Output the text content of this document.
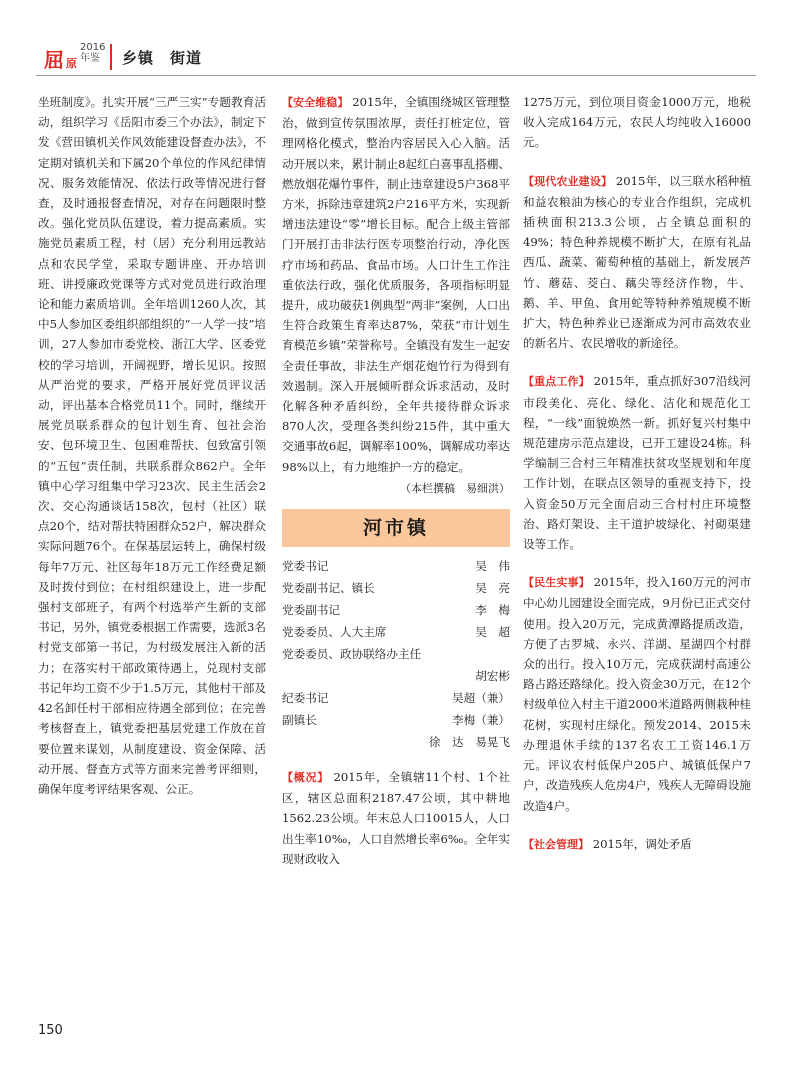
屈 原
2016
年鉴	乡镇　街道

坐班制度》。扎实开展“三严三实”专题教育活动，组织学习《岳阳市委三个办法》，制定下发《营田镇机关作风效能建设督查办法》，不定期对镇机关和下属20个单位的作风纪律情况、服务效能情况、依法行政等情况进行督查，及时通报督查情况，对存在问题限时整改。强化党员队伍建设，着力提高素质。实施党员素质工程，村（居）充分利用远教站点和农民学堂，采取专题讲座、开办培训班、讲授廉政党课等方式对党员进行政治理论和能力素质培训。全年培训1260人次，其中5人参加区委组织部组织的“一人学一技”培训，27人参加市委党校、浙江大学、区委党校的学习培训，开阔视野，增长见识。按照从严治党的要求，严格开展好党员评议活动，评出基本合格党员11个。同时，继续开展党员联系群众的包计划生育、包社会治安、包环境卫生、包困难帮扶、包致富引领的“五包”责任制，共联系群众862户。全年镇中心学习组集中学习23次、民主生活会2次、交心沟通谈话158次，包村（社区）联点20个，结对帮扶特困群众52户，解决群众实际问题76个。在保基层运转上，确保村级每年7万元、社区每年18万元工作经费足额及时拨付到位；在村组织建设上，进一步配强村支部班子，有两个村选举产生新的支部书记，另外，镇党委根据工作需要，选派3名村党支部第一书记，为村级发展注入新的活力；在落实村干部政策待遇上，兑现村支部书记年均工资不少于1.5万元，其他村干部及42名卸任村干部相应待遇全部到位；在完善考核督查上，镇党委把基层党建工作放在首要位置来谋划，从制度建设、资金保障、活动开展、督查方式等方面来完善考评细则，确保年度考评结果客观、公正。

【安全维稳】 2015年，全镇围绕城区管理整治，做到宣传氛围浓厚，责任打桩定位，管理网格化模式，整治内容居民入心入脑。活动开展以来，累计制止8起红白喜事乱搭棚、燃放烟花爆竹事件，制止违章建设5户368平方米，拆除违章建筑2户216平方米，实现新增违法建设“零”增长目标。配合上级主管部门开展打击非法行医专项整治行动，净化医疗市场和药品、食品市场。人口计生工作注重依法行政，强化优质服务，各项指标明显提升，成功破获1例典型“两非”案例，人口出生符合政策生育率达87%，荣获“市计划生育模范乡镇”荣誉称号。全镇没有发生一起安全责任事故，非法生产烟花炮竹行为得到有效遏制。深入开展倾听群众诉求活动，及时化解各种矛盾纠纷，全年共接待群众诉求870人次，受理各类纠纷215件，其中重大交通事故6起，调解率100%，调解成功率达98%以上，有力地维护一方的稳定。

（本栏撰稿　易细洪）
河市镇
党委书记	吴　伟
党委副书记、镇长	吴　亮
党委副书记	李　梅
党委委员、人大主席	吴　超
党委委员、政协联络办主任
胡宏彬
纪委书记	吴超（兼）
副镇长	李梅（兼）
徐　达　易晃飞

【概况】 2015年，全镇辖11个村、1个社区，辖区总面积2187.47公顷，其中耕地1562.23公顷。年末总人口10015人，人口出生率10‰，人口自然增长率6‰。全年实现财政收入

1275万元，到位项目资金1000万元，地税收入完成164万元，农民人均纯收入16000元。

【现代农业建设】 2015年，以三联水稻种植和益农粮油为核心的专业合作组织，完成机插秧面积213.3公顷，占全镇总面积的49%；特色种养规模不断扩大，在原有礼品西瓜、蔬菜、葡萄种植的基础上，新发展芦竹、蘑菇、茭白、藕尖等经济作物，牛、鹅、羊、甲鱼、食用蛇等特种养殖规模不断扩大，特色种养业已逐渐成为河市高效农业的新名片、农民增收的新途径。

【重点工作】 2015年，重点抓好307沿线河市段美化、亮化、绿化、洁化和规范化工程，“一线”面貌焕然一新。抓好复兴村集中规范建房示范点建设，已开工建设24栋。科学编制三合村三年精准扶贫攻坚规划和年度工作计划，在联点区领导的重视支持下，投入资金50万元全面启动三合村村庄环境整治、路灯架设、主干道护坡绿化、衬砌渠建设等工作。

【民生实事】 2015年，投入160万元的河市中心幼儿园建设全面完成，9月份已正式交付使用。投入20万元，完成黄潭路提质改造，方便了古罗城、永兴、洋湖、星湖四个村群众的出行。投入10万元，完成获湖村高速公路占路还路绿化。投入资金30万元，在12个村级单位入村主干道2000米道路两侧栽种桂花树，实现村庄绿化。预发2014、2015未办理退休手续的137名农工工资146.1万元。评议农村低保户205户、城镇低保户7户，改造残疾人危房4户，残疾人无障碍设施改造4户。

【社会管理】 2015年，调处矛盾

150
